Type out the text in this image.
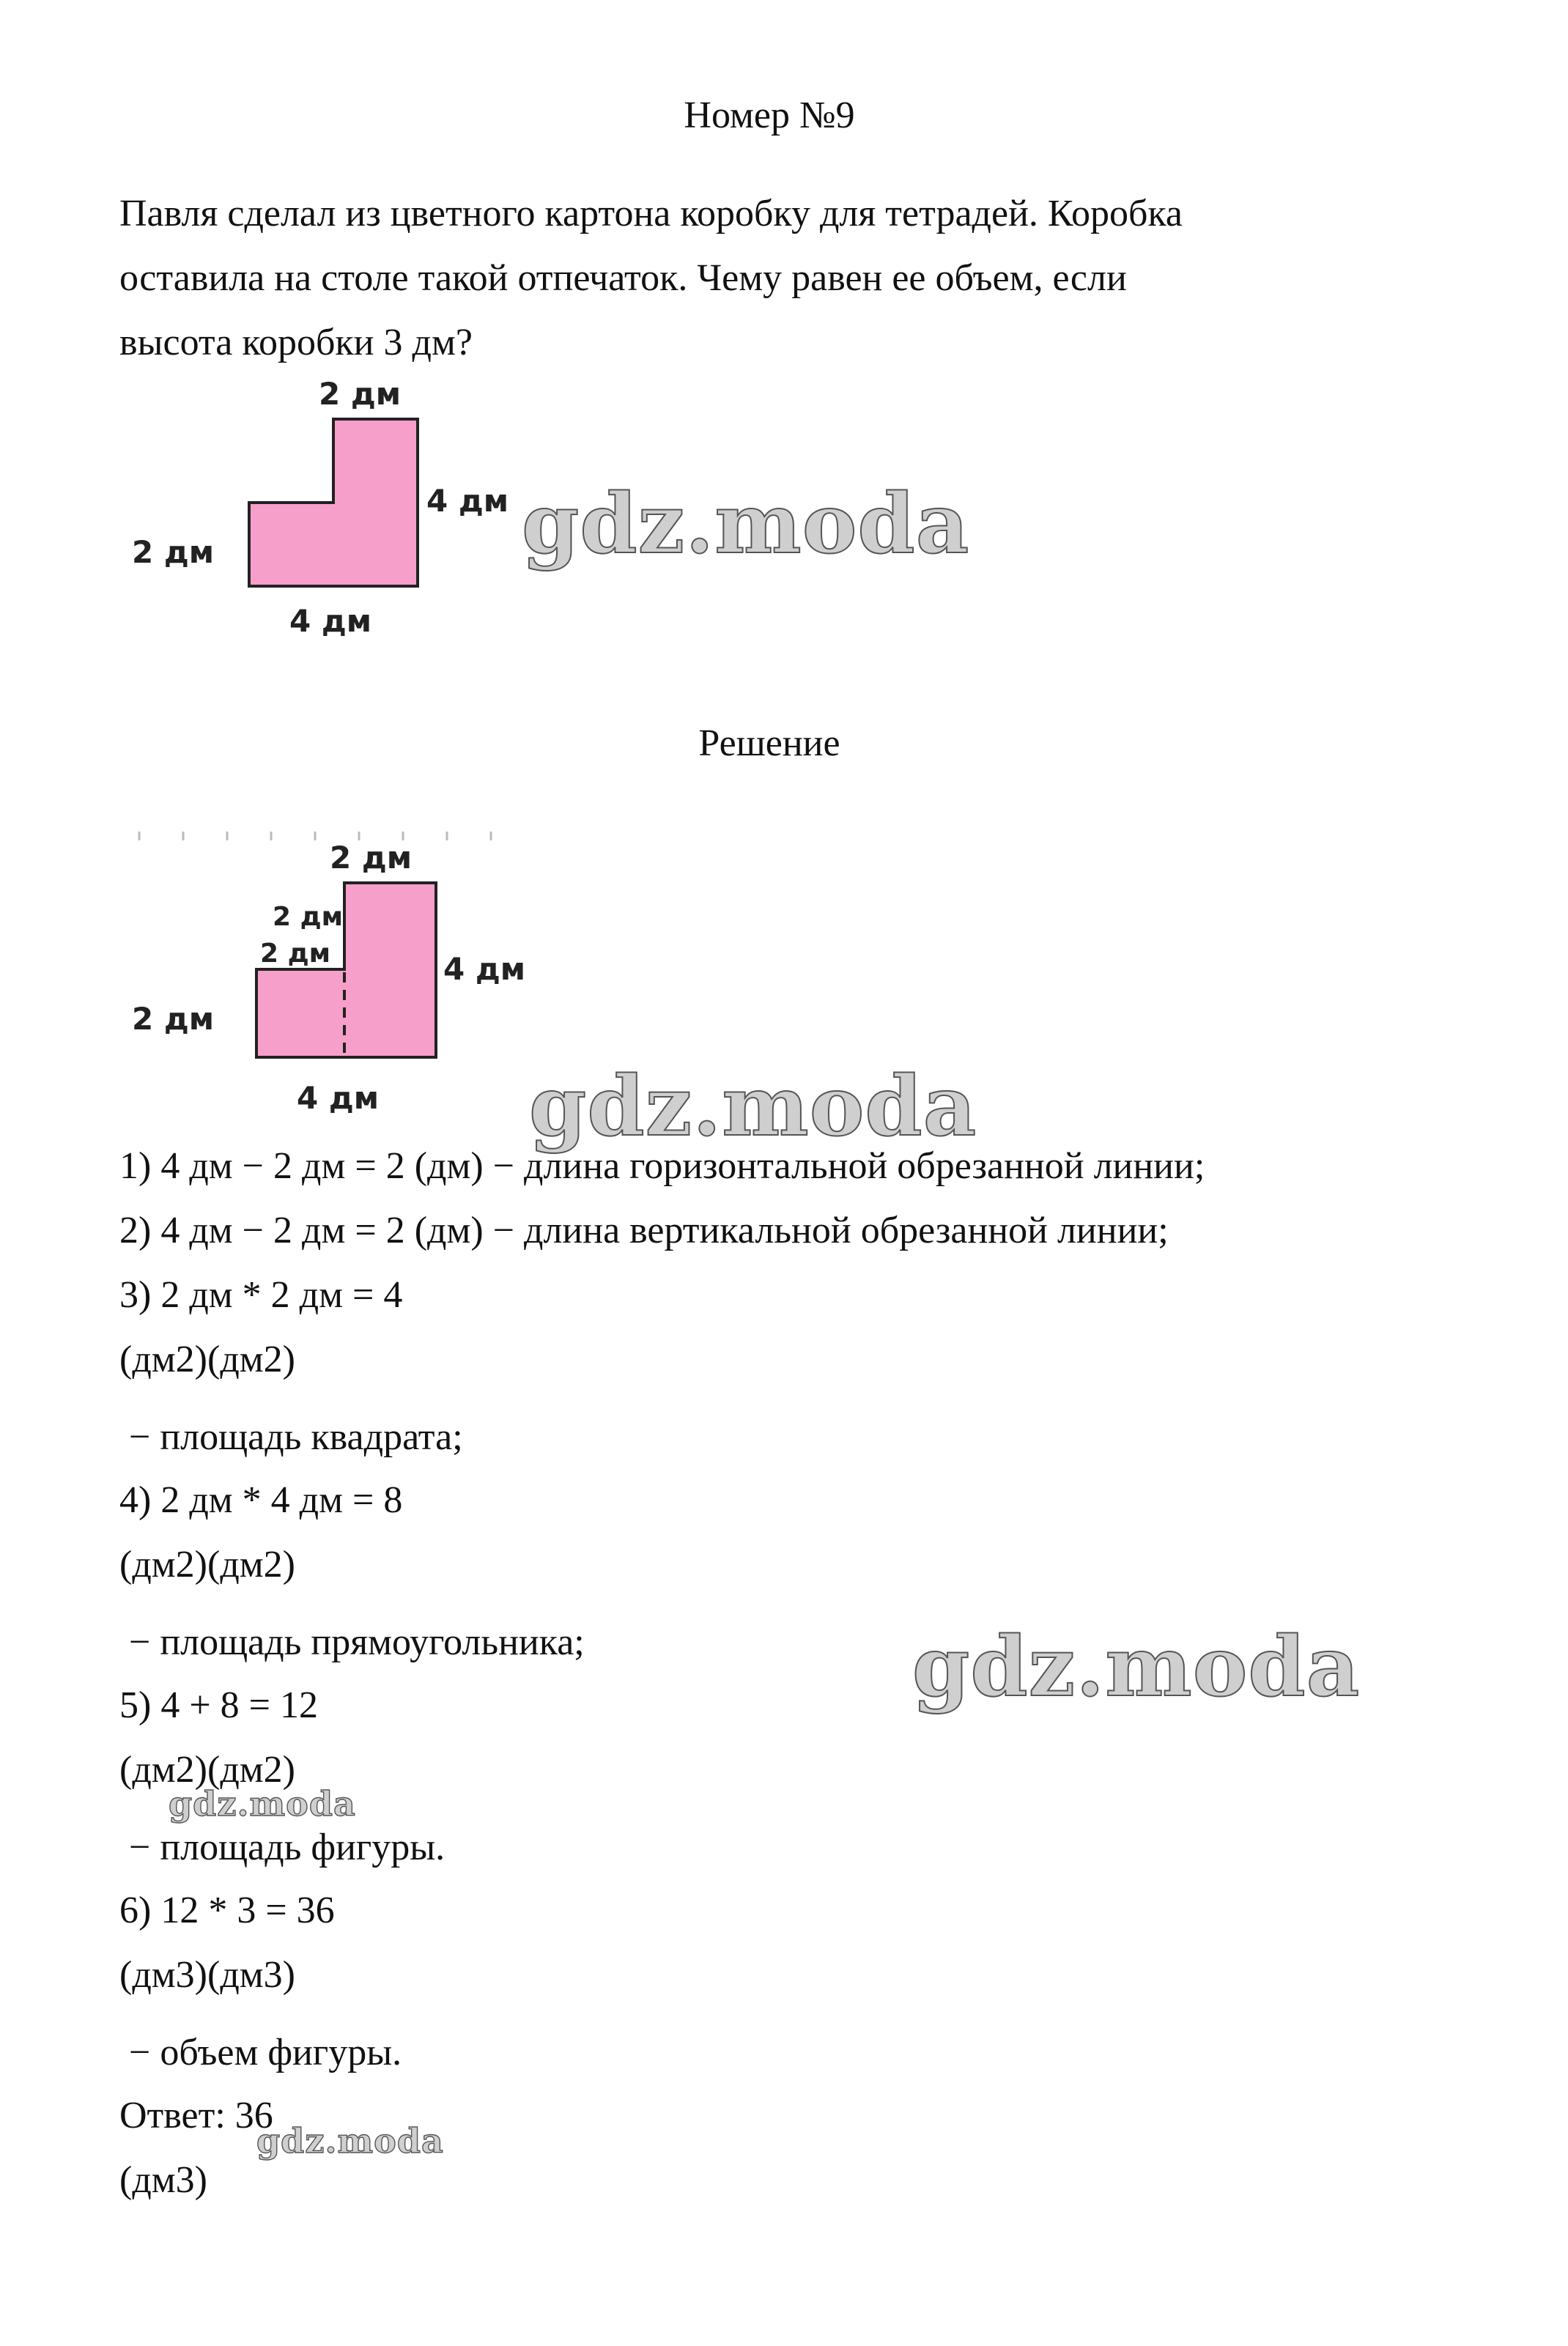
Номер №9
Павля сделал из цветного картона коробку для тетрадей. Коробка
оставила на столе такой отпечаток. Чему равен ее объем, если
высота коробки 3 дм?
2 дм
4 дм
2 дм
4 дм
gdz.moda
Решение
2 дм
2 дм
2 дм	4 дм
2 дм
4 дм gdz.moda
1) 4 дм − 2 дм = 2 (дм) − длина горизонтальной обрезанной линии;
2) 4 дм − 2 дм = 2 (дм) − длина вертикальной обрезанной линии;
3) 2 дм * 2 дм = 4
(дм2)(дм2)
− площадь квадрата;
4) 2 дм * 4 дм = 8
(дм2)(дм2)
− площадь прямоугольника;
5) 4 + 8 = 12
(дм2)(дм2)
− площадь фигуры.
6) 12 * 3 = 36
(дм3)(дм3)
− объем фигуры.
Ответ: 36
(дм3)
gdz.moda
gdz.moda
gdz.moda
